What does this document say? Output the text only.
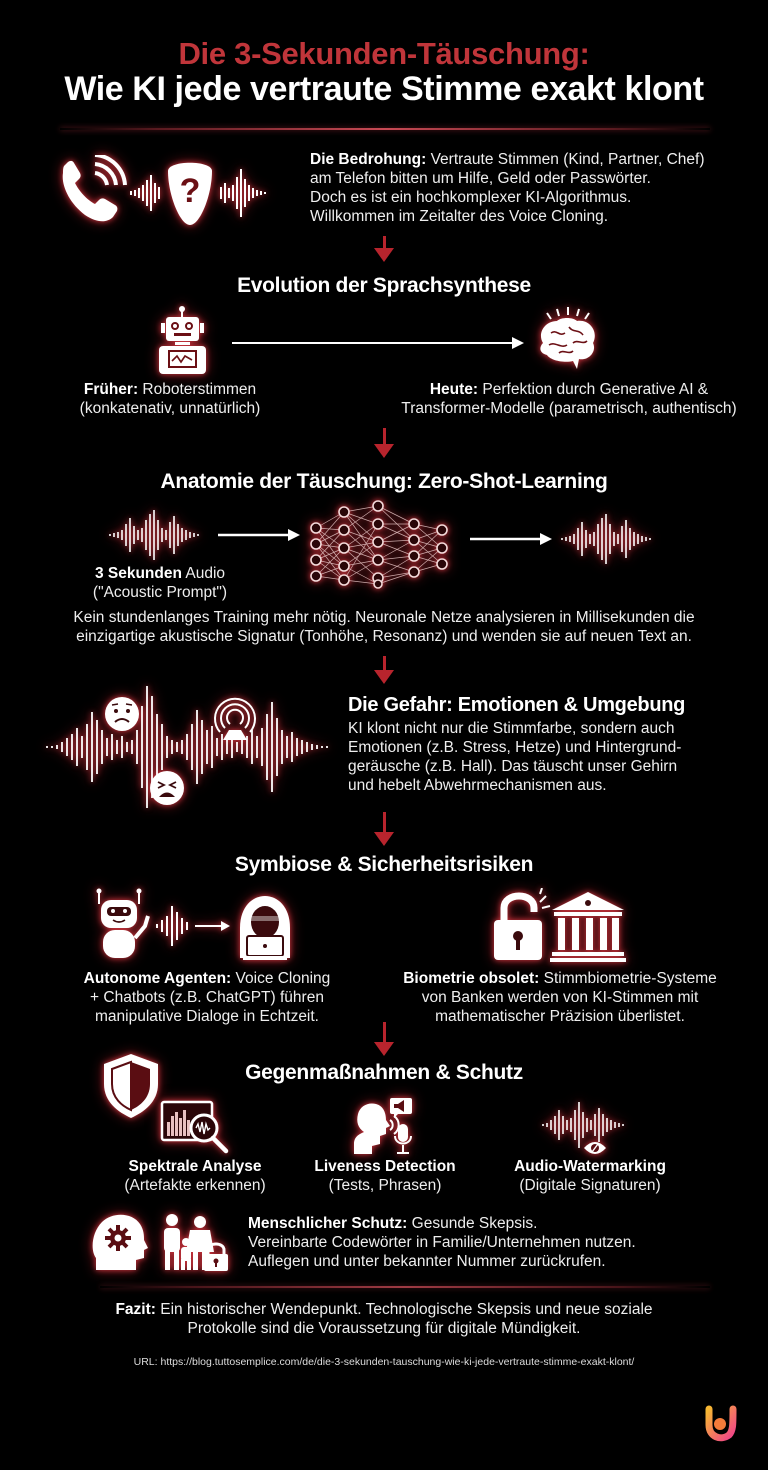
Die 3-Sekunden-Täuschung:
Wie KI jede vertraute Stimme exakt klont
?
Die Bedrohung: Vertraute Stimmen (Kind, Partner, Chef)
am Telefon bitten um Hilfe, Geld oder Passwörter.
Doch es ist ein hochkomplexer KI-Algorithmus.
Willkommen im Zeitalter des Voice Cloning.
Evolution der Sprachsynthese
Früher: Roboterstimmen
(konkatenativ, unnatürlich)
Heute: Perfektion durch Generative AI &
Transformer-Modelle (parametrisch, authentisch)
Anatomie der Täuschung: Zero-Shot-Learning
3 Sekunden Audio
("Acoustic Prompt")
Kein stundenlanges Training mehr nötig. Neuronale Netze analysieren in Millisekunden die
einzigartige akustische Signatur (Tonhöhe, Resonanz) und wenden sie auf neuen Text an.
Die Gefahr: Emotionen & Umgebung
KI klont nicht nur die Stimmfarbe, sondern auch
Emotionen (z.B. Stress, Hetze) und Hintergrund-
geräusche (z.B. Hall). Das täuscht unser Gehirn
und hebelt Abwehrmechanismen aus.
Symbiose & Sicherheitsrisiken
Autonome Agenten: Voice Cloning
+ Chatbots (z.B. ChatGPT) führen
manipulative Dialoge in Echtzeit.
Biometrie obsolet: Stimmbiometrie-Systeme
von Banken werden von KI-Stimmen mit
mathematischer Präzision überlistet.
Gegenmaßnahmen & Schutz
Spektrale Analyse
(Artefakte erkennen)
Liveness Detection
(Tests, Phrasen)
Audio-Watermarking
(Digitale Signaturen)
Menschlicher Schutz: Gesunde Skepsis.
Vereinbarte Codewörter in Familie/Unternehmen nutzen.
Auflegen und unter bekannter Nummer zurückrufen.
Fazit: Ein historischer Wendepunkt. Technologische Skepsis und neue soziale
Protokolle sind die Voraussetzung für digitale Mündigkeit.
URL: https://blog.tuttosemplice.com/de/die-3-sekunden-tauschung-wie-ki-jede-vertraute-stimme-exakt-klont/
